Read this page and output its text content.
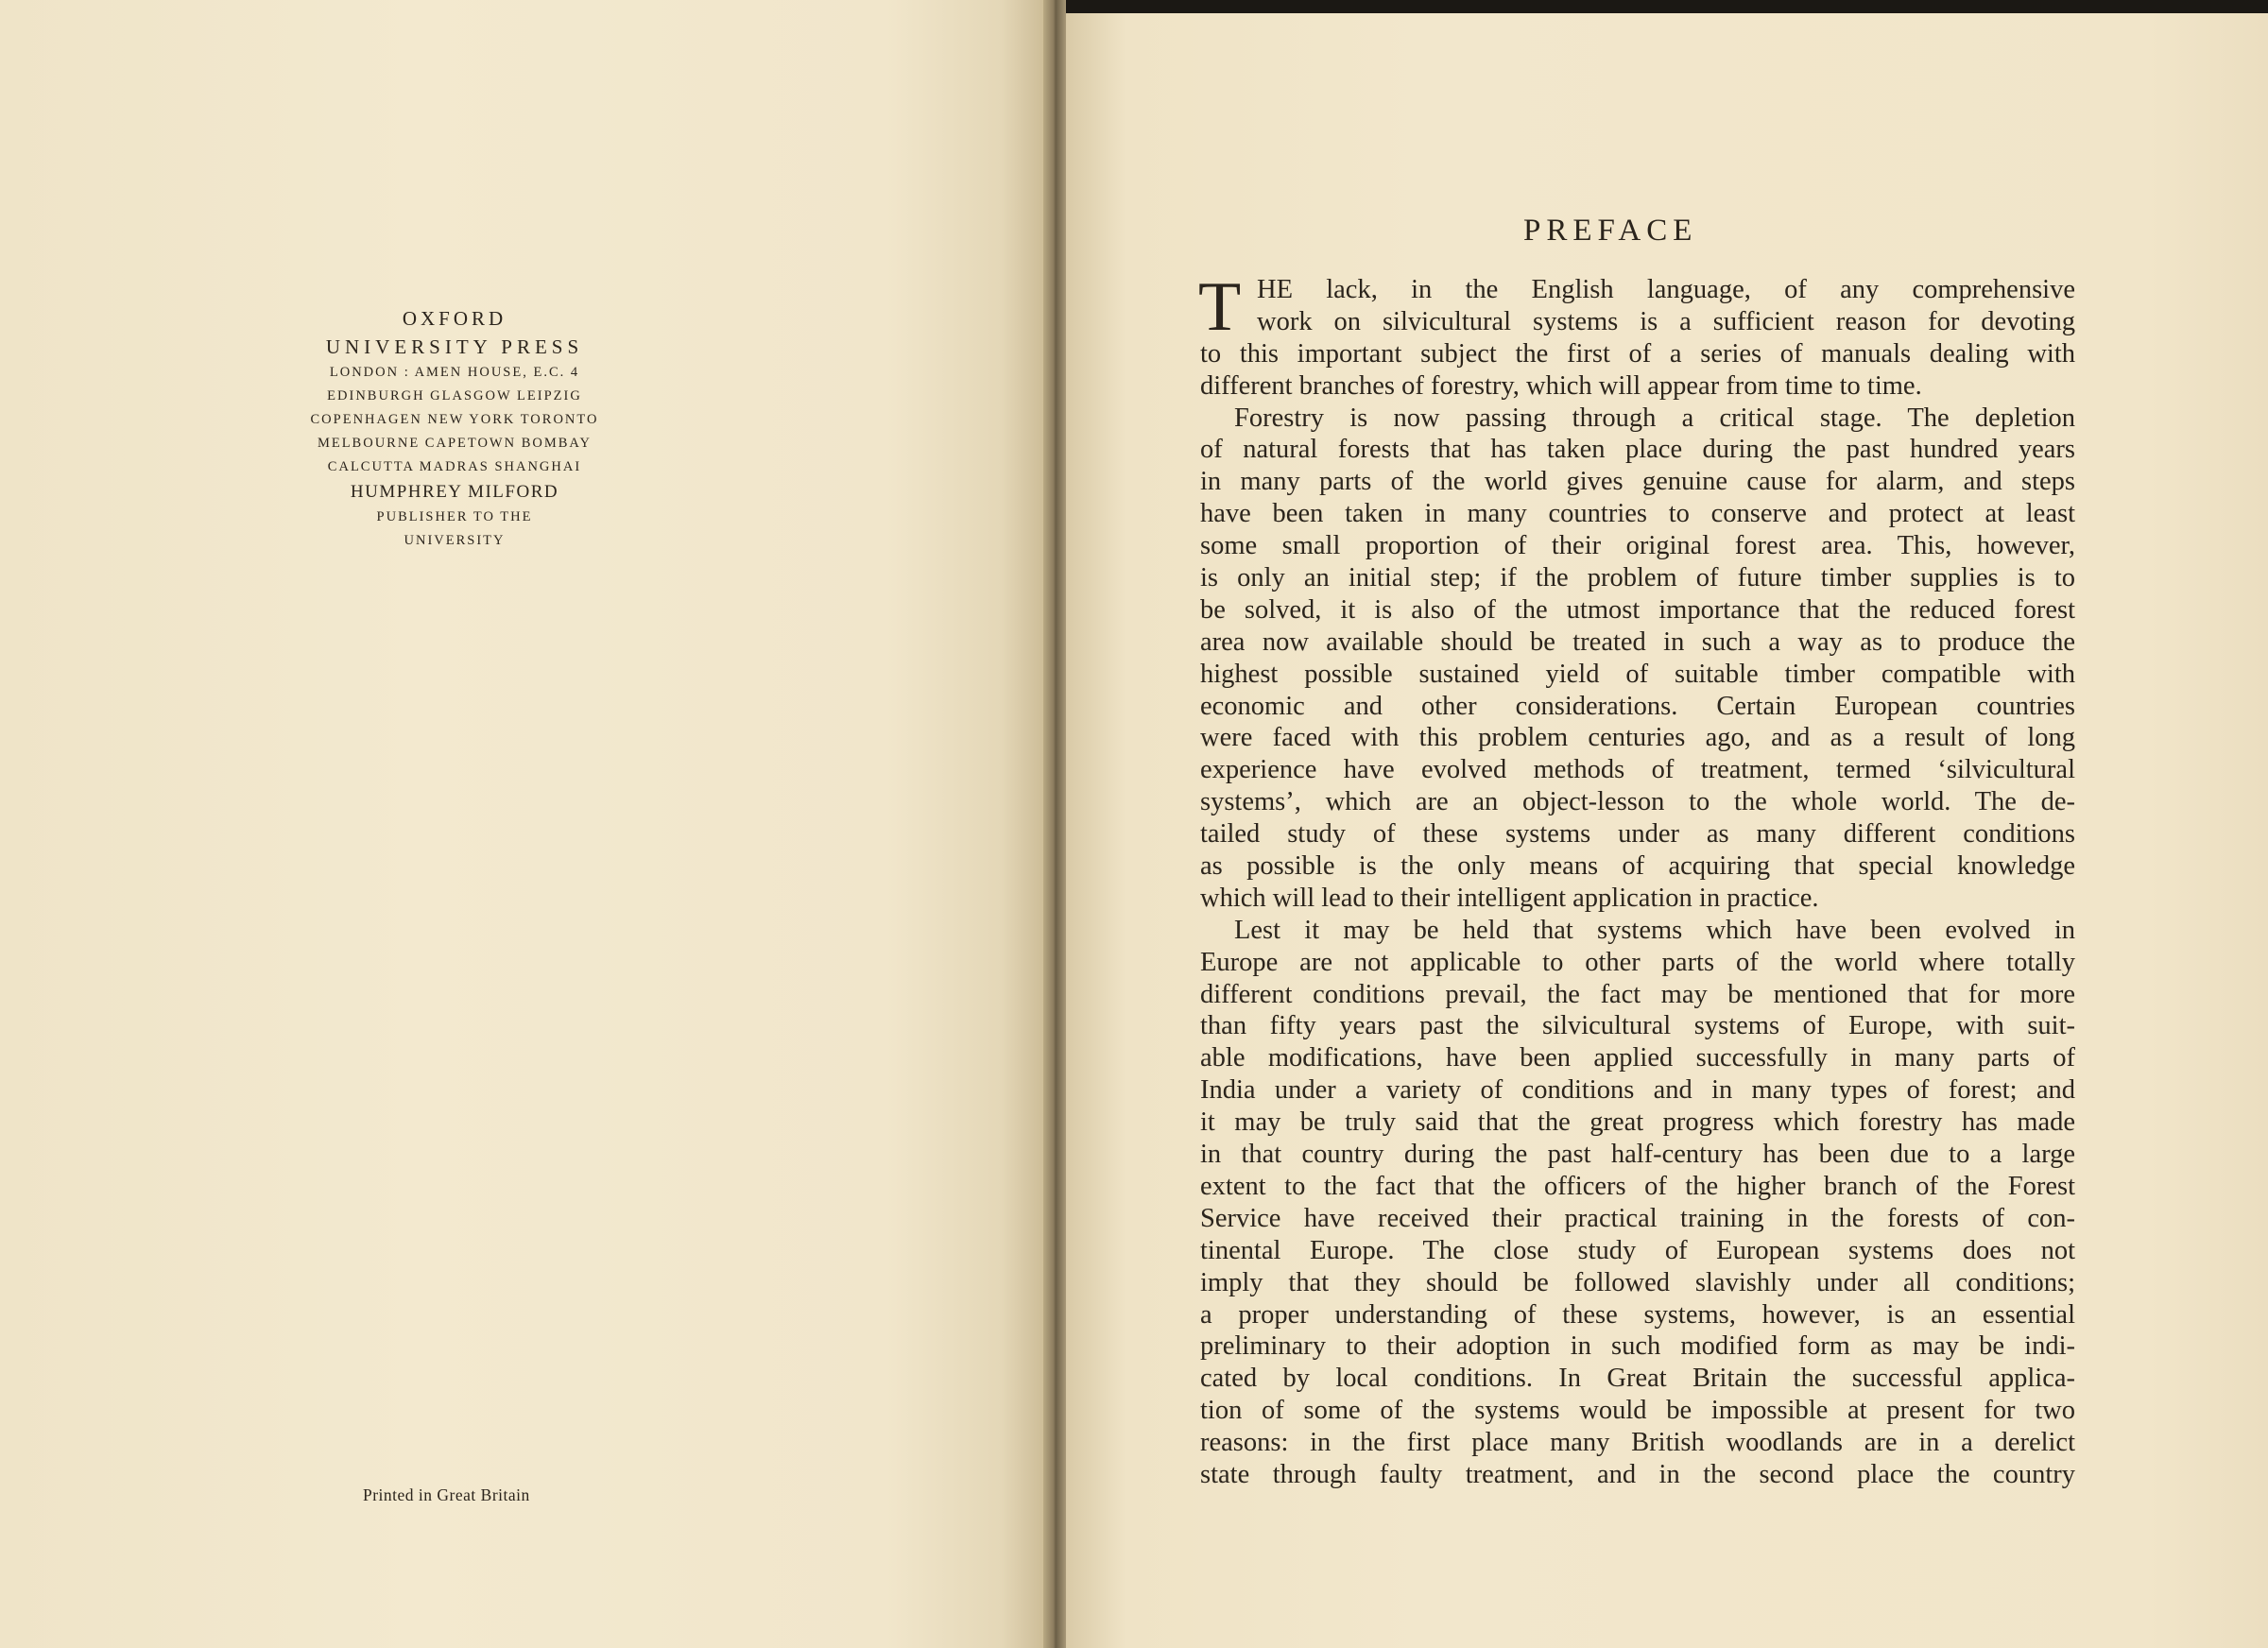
OXFORD
UNIVERSITY PRESS
LONDON : AMEN HOUSE, E.C. 4
EDINBURGH GLASGOW LEIPZIG
COPENHAGEN NEW YORK TORONTO
MELBOURNE CAPETOWN BOMBAY
CALCUTTA MADRAS SHANGHAI
HUMPHREY MILFORD
PUBLISHER TO THE
UNIVERSITY
Printed in Great Britain
PREFACE
T HE lack, in the English language, of any comprehensive
work on silvicultural systems is a sufficient reason for devoting
to this important subject the first of a series of manuals dealing with
different branches of forestry, which will appear from time to time.
Forestry is now passing through a critical stage. The depletion
of natural forests that has taken place during the past hundred years
in many parts of the world gives genuine cause for alarm, and steps
have been taken in many countries to conserve and protect at least
some small proportion of their original forest area. This, however,
is only an initial step; if the problem of future timber supplies is to
be solved, it is also of the utmost importance that the reduced forest
area now available should be treated in such a way as to produce the
highest possible sustained yield of suitable timber compatible with
economic and other considerations. Certain European countries
were faced with this problem centuries ago, and as a result of long
experience have evolved methods of treatment, termed ‘silvicultural
systems’, which are an object-lesson to the whole world. The de-
tailed study of these systems under as many different conditions
as possible is the only means of acquiring that special knowledge
which will lead to their intelligent application in practice.
Lest it may be held that systems which have been evolved in
Europe are not applicable to other parts of the world where totally
different conditions prevail, the fact may be mentioned that for more
than fifty years past the silvicultural systems of Europe, with suit-
able modifications, have been applied successfully in many parts of
India under a variety of conditions and in many types of forest; and
it may be truly said that the great progress which forestry has made
in that country during the past half-century has been due to a large
extent to the fact that the officers of the higher branch of the Forest
Service have received their practical training in the forests of con-
tinental Europe. The close study of European systems does not
imply that they should be followed slavishly under all conditions;
a proper understanding of these systems, however, is an essential
preliminary to their adoption in such modified form as may be indi-
cated by local conditions. In Great Britain the successful applica-
tion of some of the systems would be impossible at present for two
reasons: in the first place many British woodlands are in a derelict
state through faulty treatment, and in the second place the country
